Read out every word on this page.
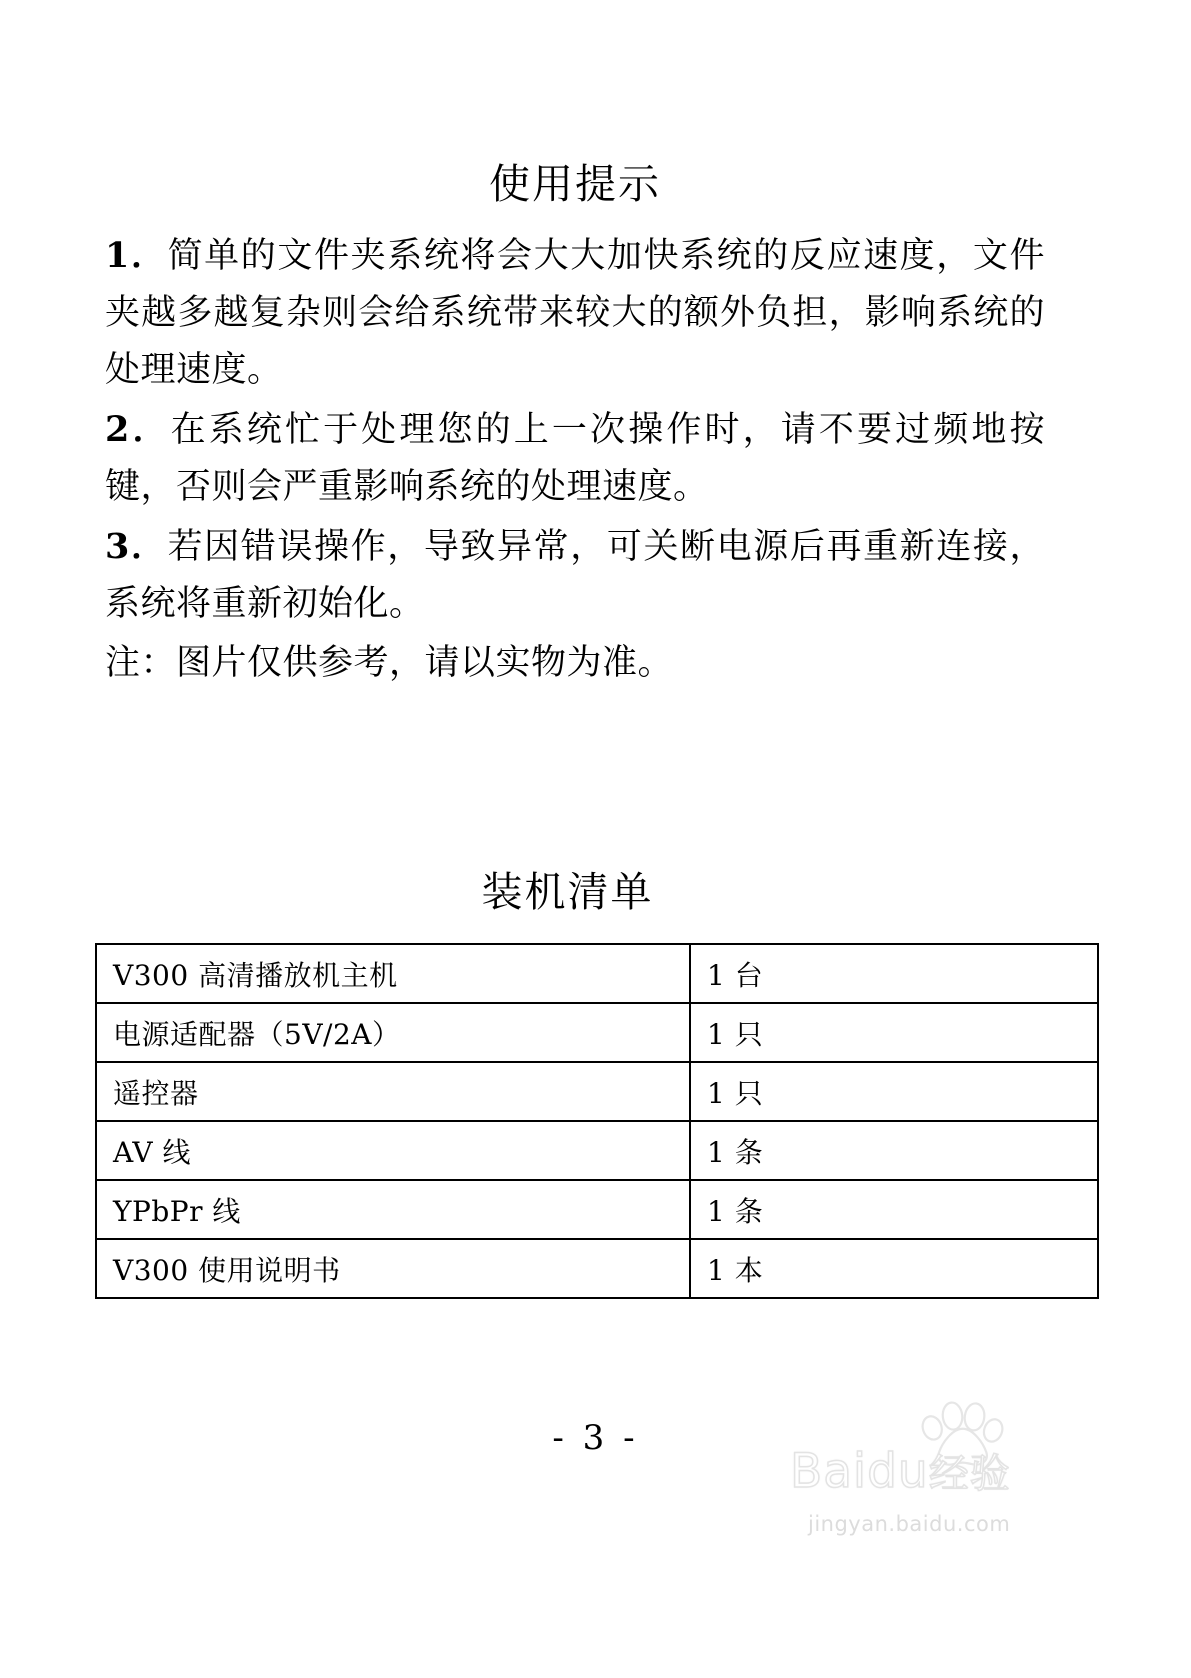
使用提示

1．简单的文件夹系统将会大大加快系统的反应速度，文件夹越多越复杂则会给系统带来较大的额外负担，影响系统的处理速度。

2．在系统忙于处理您的上一次操作时，请不要过频地按键，否则会严重影响系统的处理速度。

3．若因错误操作，导致异常，可关断电源后再重新连接，系统将重新初始化。

注：图片仅供参考，请以实物为准。

装机清单
V300 高清播放机主机	1 台
电源适配器（5V/2A）	1 只
遥控器	1 只
AV 线	1 条
YPbPr 线	1 条
V300 使用说明书	1 本
- 3 -
Baidu经验
jingyan.baidu.com
